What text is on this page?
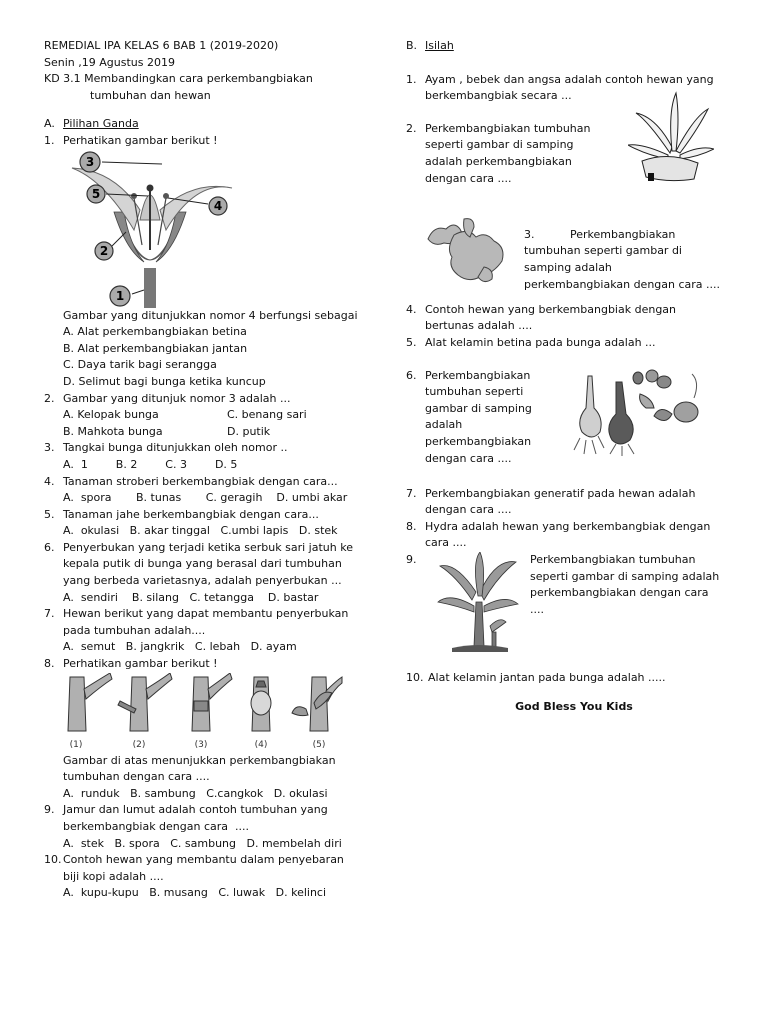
REMEDIAL IPA KELAS 6 BAB 1 (2019-2020)
Senin ,19 Agustus 2019
KD 3.1 Membandingkan cara perkembangbiakan
tumbuhan dan hewan
A. Pilihan Ganda
1. Perhatikan gambar berikut !
3
5
4
2
1
Gambar yang ditunjukkan nomor 4 berfungsi sebagai
A. Alat perkembangbiakan betina
B. Alat perkembangbiakan jantan
C. Daya tarik bagi serangga
D. Selimut bagi bunga ketika kuncup
2. Gambar yang ditunjuk nomor 3 adalah ...
A. Kelopak bunga	C. benang sari
B. Mahkota bunga	D. putik
3. Tangkai bunga ditunjukkan oleh nomor ..
A.  1        B. 2        C. 3        D. 5
4. Tanaman stroberi berkembangbiak dengan cara...
A.  spora       B. tunas       C. geragih    D. umbi akar
5. Tanaman jahe berkembangbiak dengan cara...
A.  okulasi   B. akar tinggal   C.umbi lapis   D. stek
6. Penyerbukan yang terjadi ketika serbuk sari jatuh ke
kepala putik di bunga yang berasal dari tumbuhan
yang berbeda varietasnya, adalah penyerbukan ...
A.  sendiri    B. silang   C. tetangga    D. bastar
7. Hewan berikut yang dapat membantu penyerbukan
pada tumbuhan adalah....
A.  semut   B. jangkrik   C. lebah   D. ayam
8. Perhatikan gambar berikut !
(1)	(2)	(3)	(4)	(5)
Gambar di atas menunjukkan perkembangbiakan
tumbuhan dengan cara ....
A.  runduk   B. sambung   C.cangkok   D. okulasi
9. Jamur dan lumut adalah contoh tumbuhan yang
berkembangbiak dengan cara  ....
A.  stek   B. spora   C. sambung   D. membelah diri
10. Contoh hewan yang membantu dalam penyebaran
biji kopi adalah ....
A.  kupu-kupu   B. musang   C. luwak   D. kelinci
B. Isilah
1. Ayam , bebek dan angsa adalah contoh hewan yang
berkembangbiak secara ...
2. Perkembangbiakan tumbuhan
seperti gambar di samping
adalah perkembangbiakan
dengan cara ....
3.	Perkembangbiakan
tumbuhan seperti gambar di
samping adalah
perkembangbiakan dengan cara ....
4. Contoh hewan yang berkembangbiak dengan
bertunas adalah ....
5. Alat kelamin betina pada bunga adalah ...
6. Perkembangbiakan
tumbuhan seperti
gambar di samping
adalah
perkembangbiakan
dengan cara ....
7. Perkembangbiakan generatif pada hewan adalah
dengan cara ....
8. Hydra adalah hewan yang berkembangbiak dengan
cara ....
9.	Perkembangbiakan tumbuhan
seperti gambar di samping adalah
perkembangbiakan dengan cara
....
10. Alat kelamin jantan pada bunga adalah .....
God Bless You Kids
